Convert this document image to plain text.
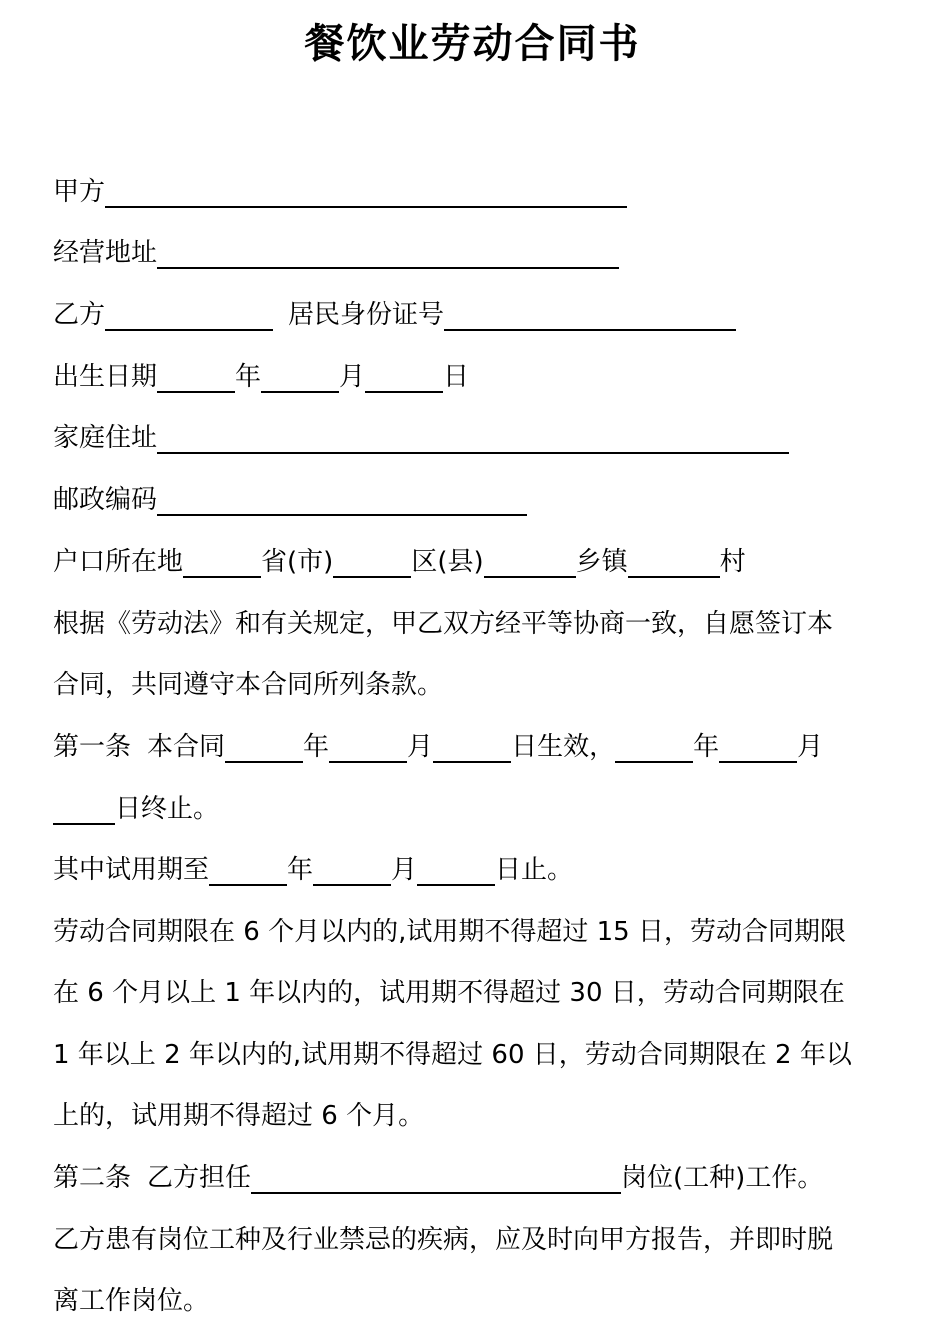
餐饮业劳动合同书
甲方
经营地址
乙方	居民身份证号
出生日期	年	月	日
家庭住址
邮政编码
户口所在地	省(市)	区(县)	乡镇	村
根据《劳动法》和有关规定，甲乙双方经平等协商一致，自愿签订本
合同，共同遵守本合同所列条款。
第一条 本合同	年	月	日生效，	年	月
日终止。
其中试用期至	年	月	日止。
劳动合同期限在 6 个月以内的,试用期不得超过 15 日，劳动合同期限
在 6 个月以上 1 年以内的，试用期不得超过 30 日，劳动合同期限在
1 年以上 2 年以内的,试用期不得超过 60 日，劳动合同期限在 2 年以
上的，试用期不得超过 6 个月。
第二条 乙方担任	岗位(工种)工作。
乙方患有岗位工种及行业禁忌的疾病，应及时向甲方报告，并即时脱
离工作岗位。
